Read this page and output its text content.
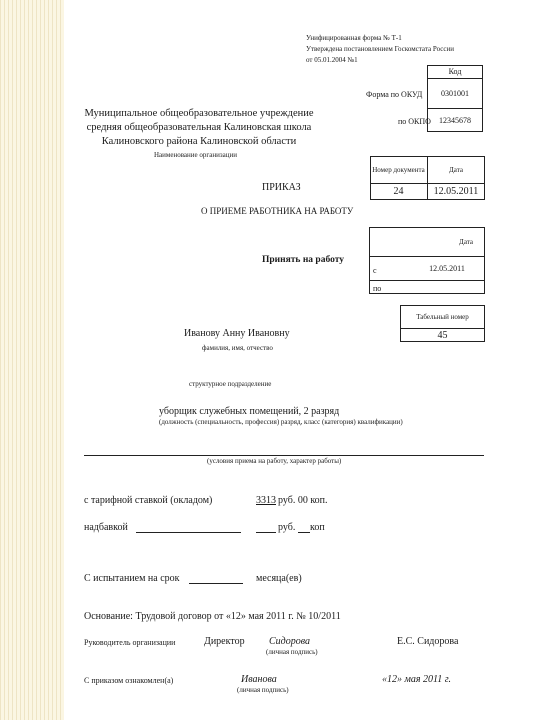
Унифицированная форма № Т-1
Утверждена постановлением Госкомстата России
от 05.01.2004 №1
Код
Форма по ОКУД	0301001
по ОКПО	12345678
Муниципальное общеобразовательное учреждение
средняя общеобразовательная Калиновская школа
Калиновского района Калиновской области
Наименование организации
Номер документа	Дата
24	12.05.2011
ПРИКАЗ
О ПРИЕМЕ РАБОТНИКА НА РАБОТУ
Дата
с	12.05.2011
по
Принять на работу
Табельный номер
45
Иванову Анну Ивановну
фамилия, имя, отчество
структурное подразделение
уборщик служебных помещений, 2 разряд
(должность (специальность, профессия) разряд, класс (категория) квалификации)
(условия приема на работу, характер работы)
с тарифной ставкой (окладом)	3313 руб. 00 коп.
надбавкой	руб. коп
С испытанием на срок	месяца(ев)
Основание: Трудовой договор от «12» мая 2011 г. № 10/2011
Руководитель организации	Директор Сидорова
(личная подпись)
Е.С. Сидорова
С приказом ознакомлен(а)	Иванова
(личная подпись)
«12» мая 2011 г.
